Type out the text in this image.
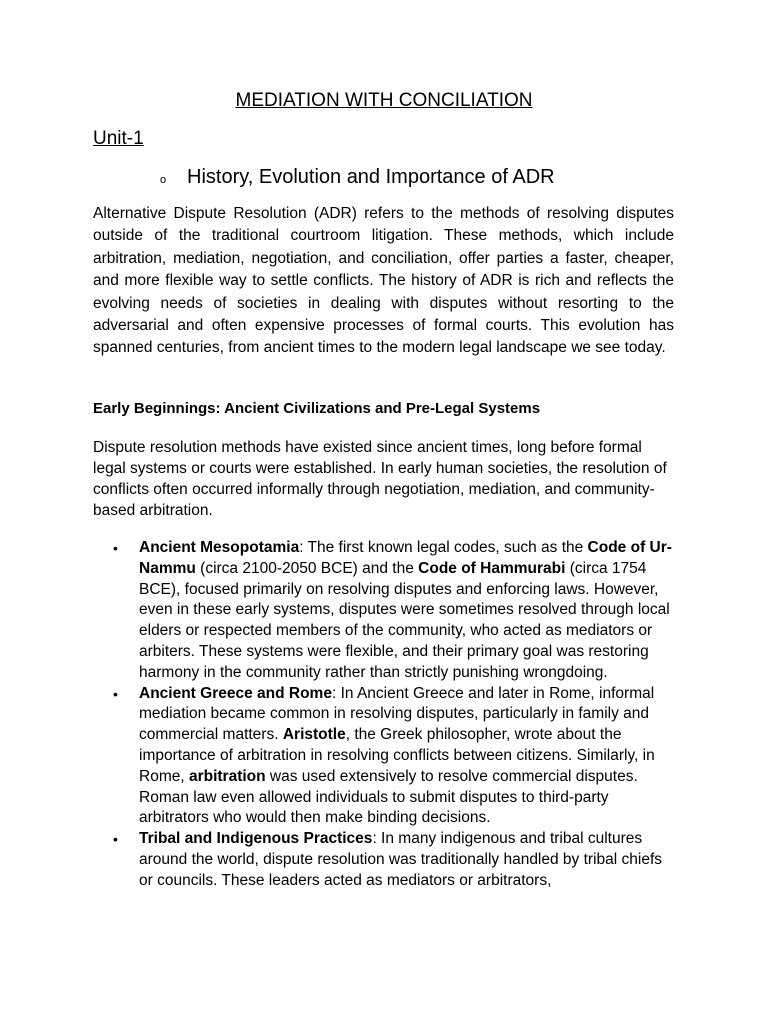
MEDIATION WITH CONCILIATION
Unit-1
o	History, Evolution and Importance of ADR

Alternative Dispute Resolution (ADR) refers to the methods of resolving disputes outside of the traditional courtroom litigation. These methods, which include arbitration, mediation, negotiation, and conciliation, offer parties a faster, cheaper, and more flexible way to settle conflicts. The history of ADR is rich and reflects the evolving needs of societies in dealing with disputes without resorting to the adversarial and often expensive processes of formal courts. This evolution has spanned centuries, from ancient times to the modern legal landscape we see today.

Early Beginnings: Ancient Civilizations and Pre-Legal Systems

Dispute resolution methods have existed since ancient times, long before formal legal systems or courts were established. In early human societies, the resolution of conflicts often occurred informally through negotiation, mediation, and community-based arbitration.

• Ancient Mesopotamia: The first known legal codes, such as the Code of Ur-Nammu (circa 2100-2050 BCE) and the Code of Hammurabi (circa 1754 BCE), focused primarily on resolving disputes and enforcing laws. However, even in these early systems, disputes were sometimes resolved through local elders or respected members of the community, who acted as mediators or arbiters. These systems were flexible, and their primary goal was restoring harmony in the community rather than strictly punishing wrongdoing.
• Ancient Greece and Rome: In Ancient Greece and later in Rome, informal mediation became common in resolving disputes, particularly in family and commercial matters. Aristotle, the Greek philosopher, wrote about the importance of arbitration in resolving conflicts between citizens. Similarly, in Rome, arbitration was used extensively to resolve commercial disputes. Roman law even allowed individuals to submit disputes to third-party arbitrators who would then make binding decisions.
• Tribal and Indigenous Practices: In many indigenous and tribal cultures around the world, dispute resolution was traditionally handled by tribal chiefs or councils. These leaders acted as mediators or arbitrators,
